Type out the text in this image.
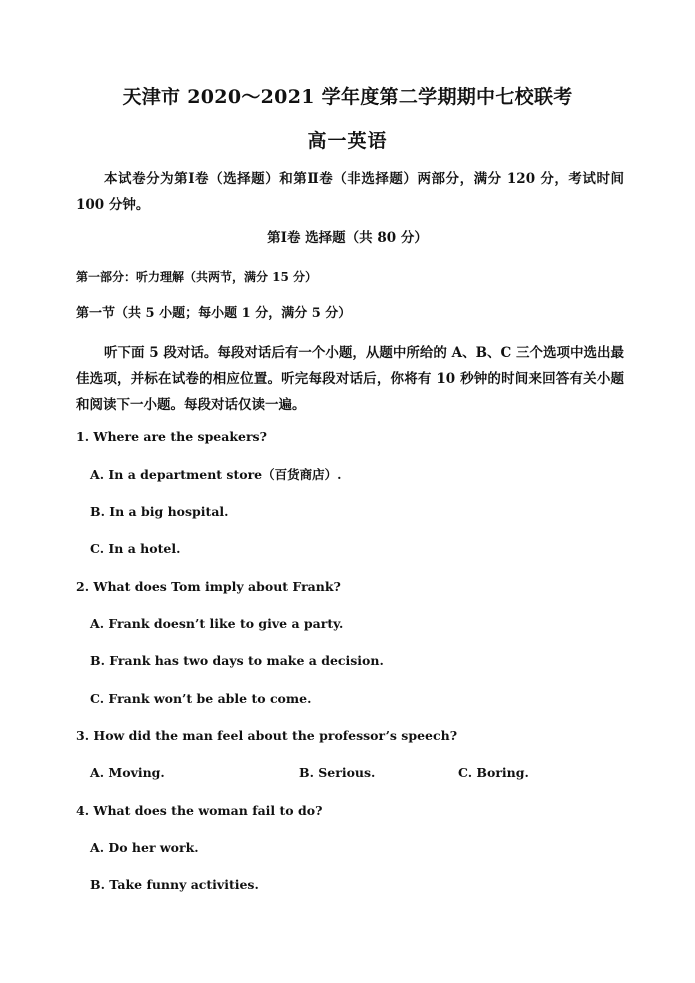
天津市 2020～2021 学年度第二学期期中七校联考
高一英语
本试卷分为第Ⅰ卷（选择题）和第Ⅱ卷（非选择题）两部分，满分 120 分，考试时间 100 分钟。
第Ⅰ卷 选择题（共 80 分）
第一部分：听力理解（共两节，满分 15 分）
第一节（共 5 小题；每小题 1 分，满分 5 分）
听下面 5 段对话。每段对话后有一个小题，从题中所给的 A、B、C 三个选项中选出最佳选项，并标在试卷的相应位置。听完每段对话后，你将有 10 秒钟的时间来回答有关小题和阅读下一小题。每段对话仅读一遍。
1. Where are the speakers?
A. In a department store（百货商店）.
B. In a big hospital.
C. In a hotel.
2. What does Tom imply about Frank?
A. Frank doesn’t like to give a party.
B. Frank has two days to make a decision.
C. Frank won’t be able to come.
3. How did the man feel about the professor’s speech?
A. Moving.	B. Serious.	C. Boring.
4. What does the woman fail to do?
A. Do her work.
B. Take funny activities.
